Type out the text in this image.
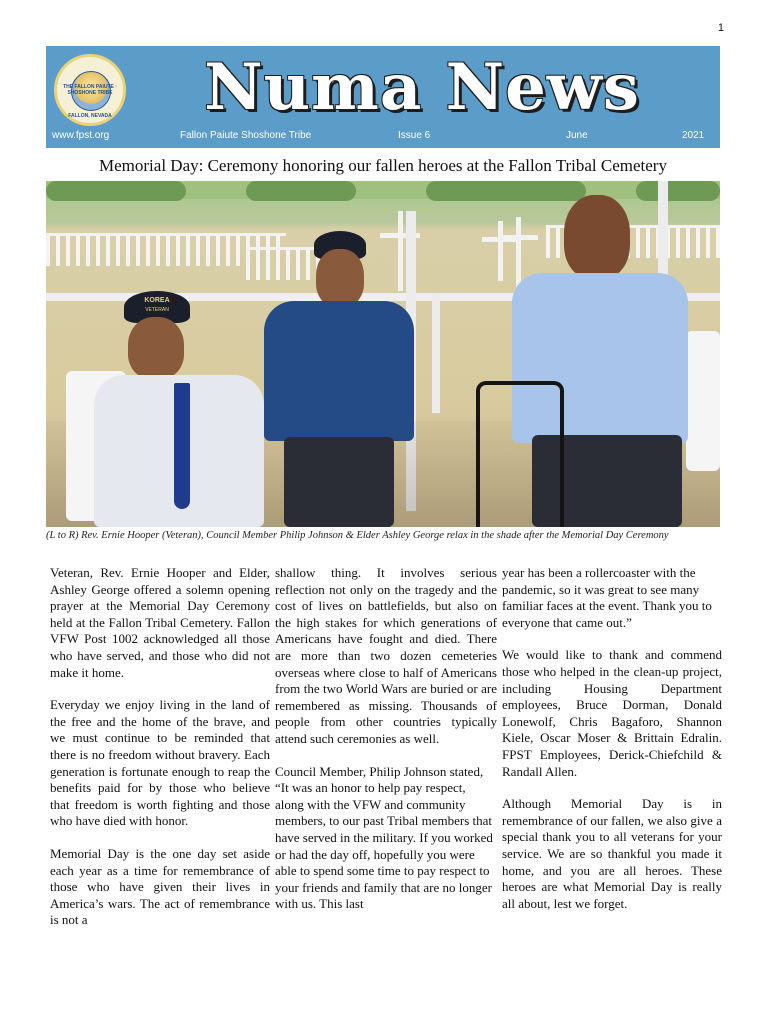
1
THE FALLON PAIUTE · SHOSHONE TRIBE
FALLON, NEVADA	Numa News
www.fpst.org	Fallon Paiute Shoshone Tribe	Issue 6	June	2021
Memorial Day: Ceremony honoring our fallen heroes at the Fallon Tribal Cemetery
KOREA
VETERAN
(L to R) Rev. Ernie Hooper (Veteran), Council Member Philip Johnson & Elder Ashley George relax in the shade after the Memorial Day Ceremony

Veteran, Rev. Ernie Hooper and Elder, Ashley George offered a solemn opening prayer at the Memorial Day Ceremony held at the Fallon Tribal Cemetery. Fallon VFW Post 1002 acknowledged all those who have served, and those who did not make it home.

Everyday we enjoy living in the land of the free and the home of the brave, and we must continue to be reminded that there is no freedom without bravery. Each generation is fortunate enough to reap the benefits paid for by those who believe that freedom is worth fighting and those who have died with honor.

Memorial Day is the one day set aside each year as a time for remembrance of those who have given their lives in America’s wars. The act of remembrance is not a

shallow thing. It involves serious reflection not only on the tragedy and the cost of lives on battlefields, but also on the high stakes for which generations of Americans have fought and died. There are more than two dozen cemeteries overseas where close to half of Americans from the two World Wars are buried or are remembered as missing. Thousands of people from other countries typically attend such ceremonies as well.

Council Member, Philip Johnson stated, “It was an honor to help pay respect, along with the VFW and community members, to our past Tribal members that have served in the military. If you worked or had the day off, hopefully you were able to spend some time to pay respect to your friends and family that are no longer with us. This last

year has been a rollercoaster with the pandemic, so it was great to see many familiar faces at the event. Thank you to everyone that came out.”

We would like to thank and commend those who helped in the clean-up project, including Housing Department employees, Bruce Dorman, Donald Lonewolf, Chris Bagaforo, Shannon Kiele, Oscar Moser & Brittain Edralin. FPST Employees, Derick-Chiefchild & Randall Allen.

Although Memorial Day is in remembrance of our fallen, we also give a special thank you to all veterans for your service. We are so thankful you made it home, and you are all heroes. These heroes are what Memorial Day is really all about, lest we forget.
